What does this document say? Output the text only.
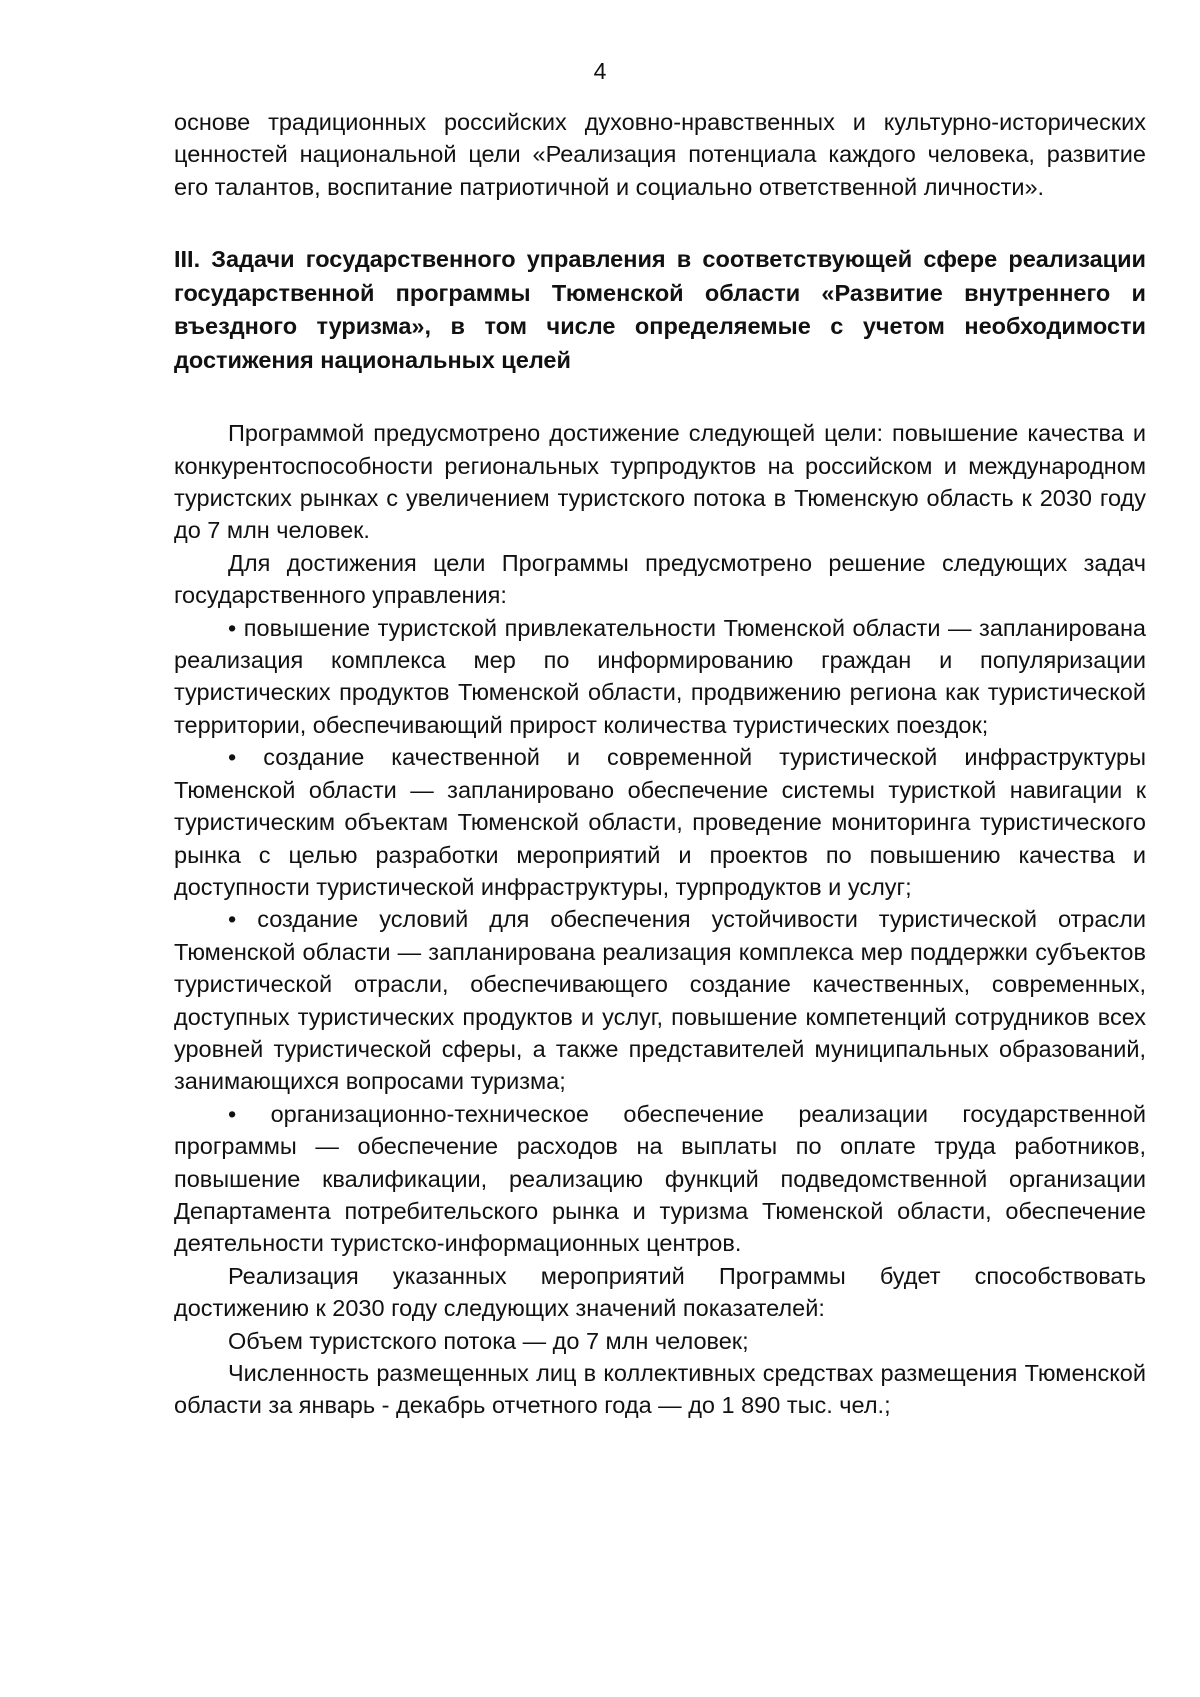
4

основе традиционных российских духовно-нравственных и культурно-исторических ценностей национальной цели «Реализация потенциала каждого человека, развитие его талантов, воспитание патриотичной и социально ответственной личности».

III. Задачи государственного управления в соответствующей сфере реализации государственной программы Тюменской области «Развитие внутреннего и въездного туризма», в том числе определяемые с учетом необходимости достижения национальных целей

Программой предусмотрено достижение следующей цели: повышение качества и конкурентоспособности региональных турпродуктов на российском и международном туристских рынках с увеличением туристского потока в Тюменскую область к 2030 году до 7 млн человек.

Для достижения цели Программы предусмотрено решение следующих задач государственного управления:

• повышение туристской привлекательности Тюменской области — запланирована реализация комплекса мер по информированию граждан и популяризации туристических продуктов Тюменской области, продвижению региона как туристической территории, обеспечивающий прирост количества туристических поездок;

• создание качественной и современной туристической инфраструктуры Тюменской области — запланировано обеспечение системы туристкой навигации к туристическим объектам Тюменской области, проведение мониторинга туристического рынка с целью разработки мероприятий и проектов по повышению качества и доступности туристической инфраструктуры, турпродуктов и услуг;

• создание условий для обеспечения устойчивости туристической отрасли Тюменской области — запланирована реализация комплекса мер поддержки субъектов туристической отрасли, обеспечивающего создание качественных, современных, доступных туристических продуктов и услуг, повышение компетенций сотрудников всех уровней туристической сферы, а также представителей муниципальных образований, занимающихся вопросами туризма;

• организационно-техническое обеспечение реализации государственной программы — обеспечение расходов на выплаты по оплате труда работников, повышение квалификации, реализацию функций подведомственной организации Департамента потребительского рынка и туризма Тюменской области, обеспечение деятельности туристско-информационных центров.

Реализация указанных мероприятий Программы будет способствовать достижению к 2030 году следующих значений показателей:

Объем туристского потока — до 7 млн человек;

Численность размещенных лиц в коллективных средствах размещения Тюменской области за январь - декабрь отчетного года — до 1 890 тыс. чел.;
